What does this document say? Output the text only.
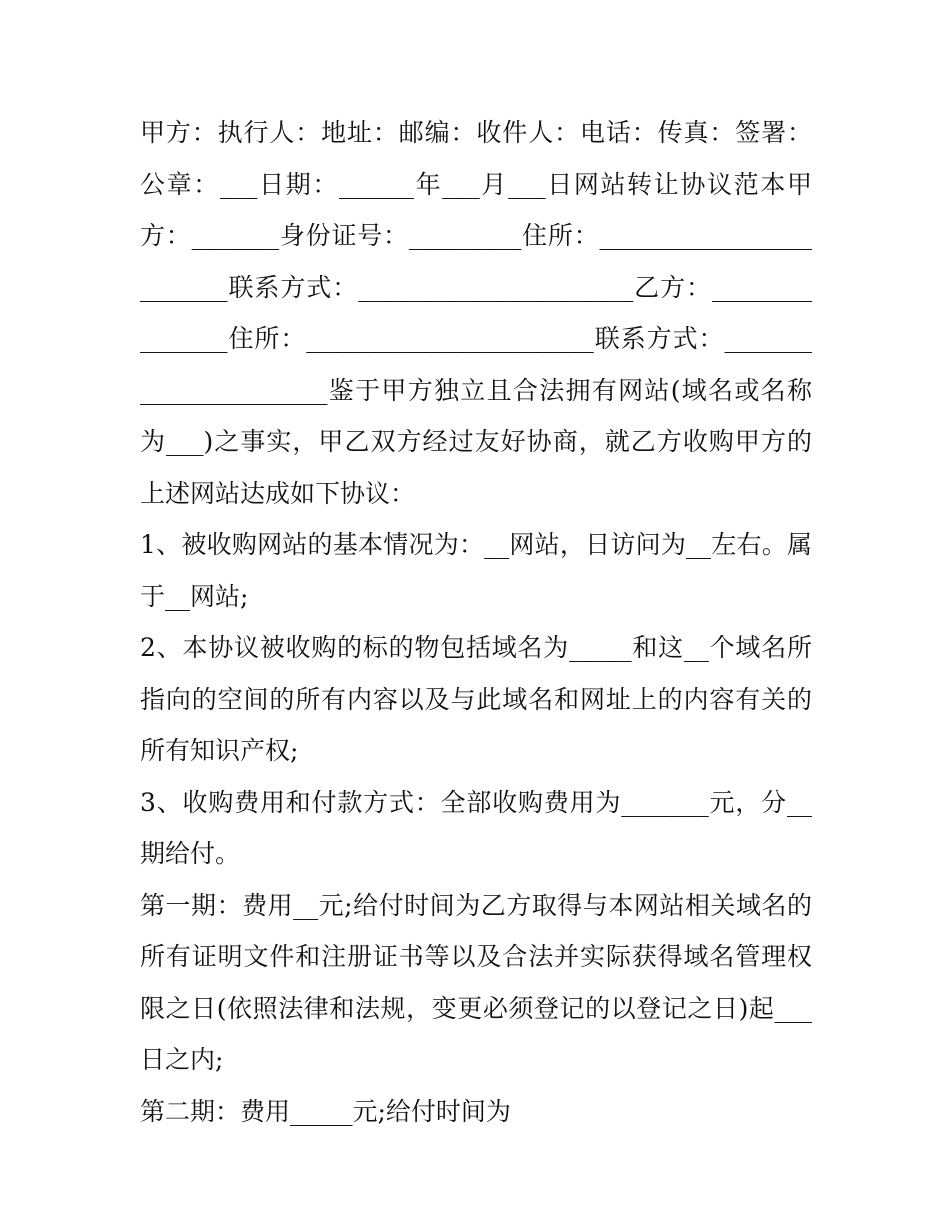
甲方：执行人：地址：邮编：收件人：电话：传真：签署：公章：___日期：______年___月___日网站转让协议范本甲方：_______身份证号：_________住所：________________________联系方式：______________________乙方：_______________住所：_______________________联系方式：______________________鉴于甲方独立且合法拥有网站(域名或名称为___)之事实，甲乙双方经过友好协商，就乙方收购甲方的上述网站达成如下协议：

1、被收购网站的基本情况为：__网站，日访问为__左右。属于__网站;

2、本协议被收购的标的物包括域名为_____和这__个域名所指向的空间的所有内容以及与此域名和网址上的内容有关的所有知识产权;

3、收购费用和付款方式：全部收购费用为_______元，分__期给付。

第一期：费用__元;给付时间为乙方取得与本网站相关域名的所有证明文件和注册证书等以及合法并实际获得域名管理权限之日(依照法律和法规，变更必须登记的以登记之日)起___日之内;

第二期：费用_____元;给付时间为
